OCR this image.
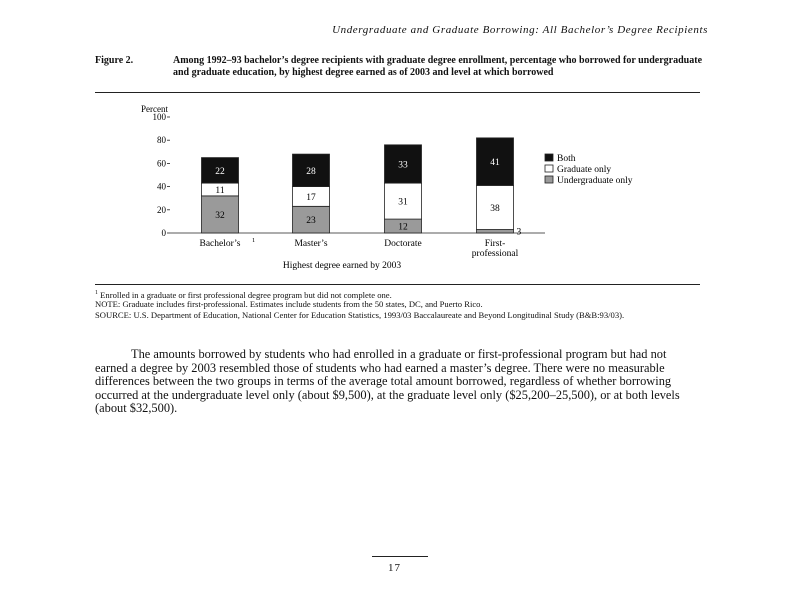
Undergraduate and Graduate Borrowing: All Bachelor’s Degree Recipients
Figure 2.	Among 1992–93 bachelor’s degree recipients with graduate degree enrollment, percentage who borrowed for undergraduate and graduate education, by highest degree earned as of 2003 and level at which borrowed
Percent
0
20
40
60
80
100
32
11
22
Bachelor’s 1
23
17
28
Master’s
12
31
33
Doctorate
3
38
41
First-
professional
Highest degree earned by 2003
Both
Graduate only
Undergraduate only
$^1$ Enrolled in a graduate or first professional degree program but did not complete one.
NOTE: Graduate includes first-professional. Estimates include students from the 50 states, DC, and Puerto Rico.
SOURCE: U.S. Department of Education, National Center for Education Statistics, 1993/03 Baccalaureate and Beyond Longitudinal Study (B&B:93/03).
The amounts borrowed by students who had enrolled in a graduate or first-professional program but had not earned a degree by 2003 resembled those of students who had earned a master’s degree. There were no measurable differences between the two groups in terms of the average total amount borrowed, regardless of whether borrowing occurred at the undergraduate level only (about $9,500), at the graduate level only ($25,200–25,500), or at both levels (about $32,500).
17
